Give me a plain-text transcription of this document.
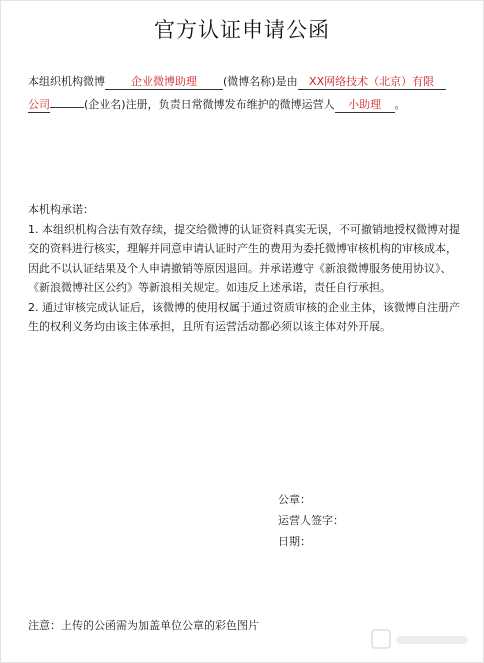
官方认证申请公函
本组织机构微博 企业微博助理 (微博名称)是由 XX网络技术（北京）有限
公司	(企业名)注册，负责日常微博发布维护的微博运营人 小助理 。

本机构承诺：

1. 本组织机构合法有效存续，提交给微博的认证资料真实无误，不可撤销地授权微博对提交的资料进行核实，理解并同意申请认证时产生的费用为委托微博审核机构的审核成本，因此不以认证结果及个人申请撤销等原因退回。并承诺遵守《新浪微博服务使用协议》、《新浪微博社区公约》等新浪相关规定。如违反上述承诺，责任自行承担。

2. 通过审核完成认证后，该微博的使用权属于通过资质审核的企业主体，该微博自注册产生的权利义务均由该主体承担，且所有运营活动都必须以该主体对外开展。

公章：
运营人签字：
日期：
注意：上传的公函需为加盖单位公章的彩色图片
